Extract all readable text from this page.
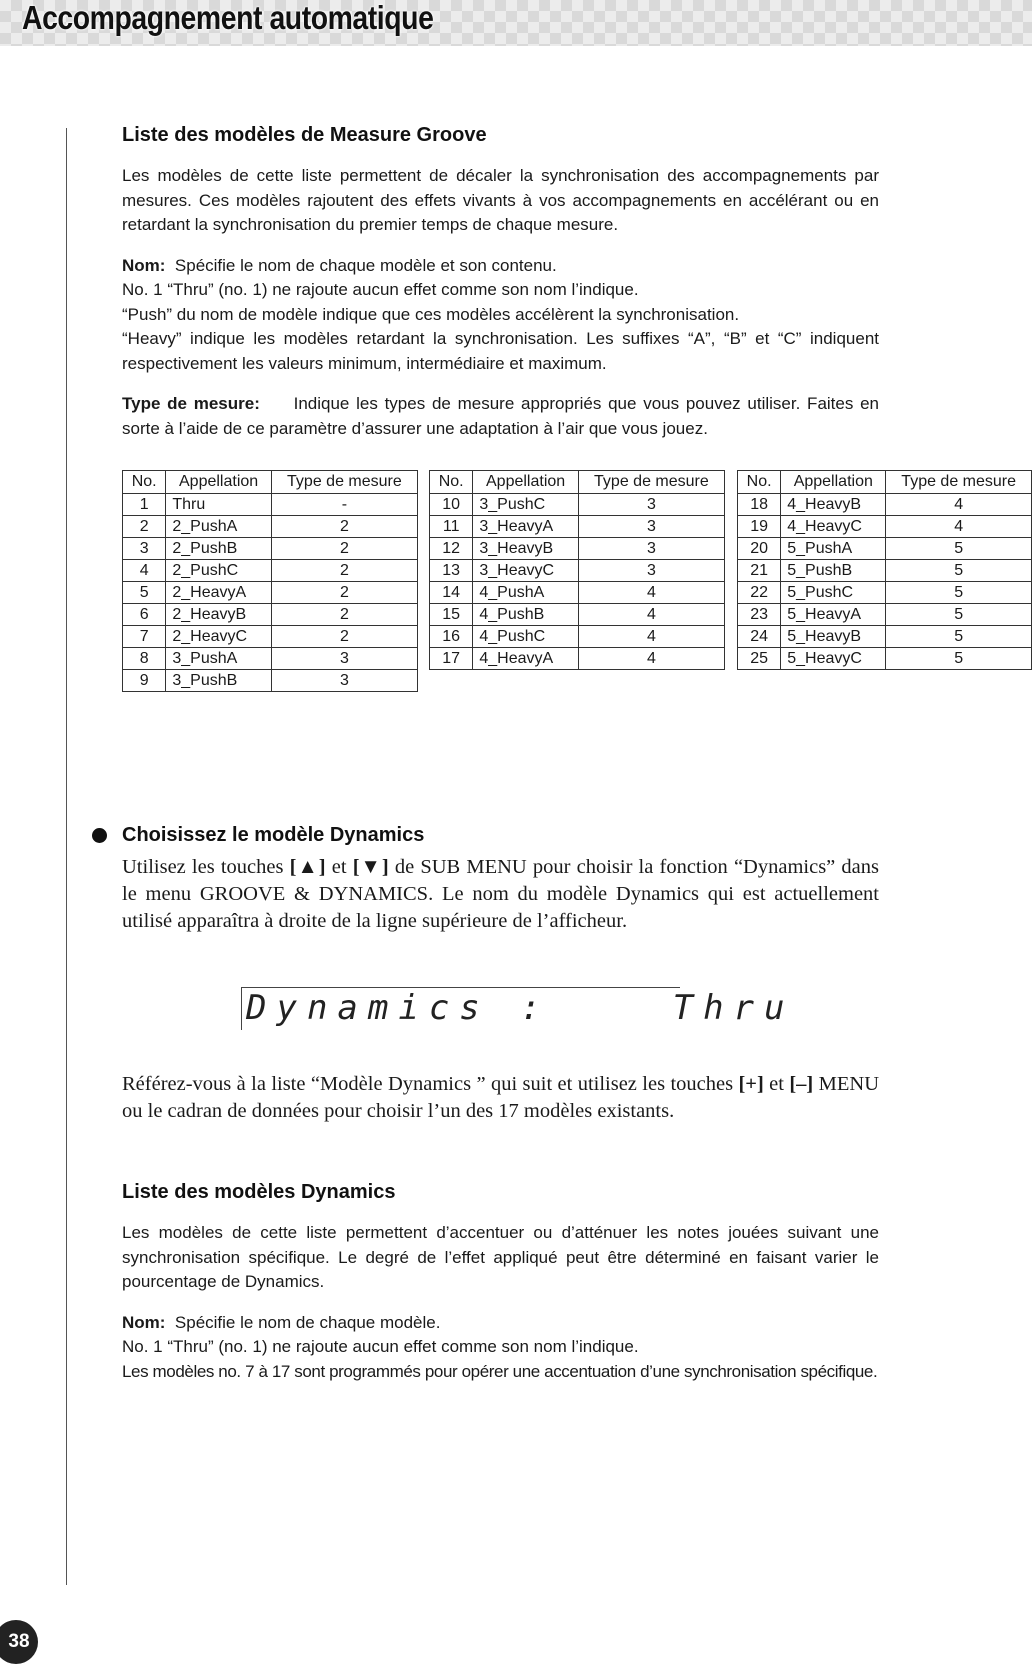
Accompagnement automatique
Liste des modèles de Measure Groove

Les modèles de cette liste permettent de décaler la synchronisation des accompagnements par mesures. Ces modèles rajoutent des effets vivants à vos accompagnements en accélérant ou en retardant la synchronisation du premier temps de chaque mesure.

Nom: Spécifie le nom de chaque modèle et son contenu.

No. 1 “Thru” (no. 1) ne rajoute aucun effet comme son nom l’indique.

“Push” du nom de modèle indique que ces modèles accélèrent la synchronisation.

“Heavy” indique les modèles retardant la synchronisation. Les suffixes “A”, “B” et “C” indiquent respectivement les valeurs minimum, intermédiaire et maximum.

Type de mesure: Indique les types de mesure appropriés que vous pouvez utiliser. Faites en sorte à l’aide de ce paramètre d’assurer une adaptation à l’air que vous jouez.

No.	Appellation	Type de mesure
1	Thru	-
2	2_PushA	2
3	2_PushB	2
4	2_PushC	2
5	2_HeavyA	2
6	2_HeavyB	2
7	2_HeavyC	2
8	3_PushA	3
9	3_PushB	3
No.	Appellation	Type de mesure
10	3_PushC	3
11	3_HeavyA	3
12	3_HeavyB	3
13	3_HeavyC	3
14	4_PushA	4
15	4_PushB	4
16	4_PushC	4
17	4_HeavyA	4
No.	Appellation	Type de mesure
18	4_HeavyB	4
19	4_HeavyC	4
20	5_PushA	5
21	5_PushB	5
22	5_PushC	5
23	5_HeavyA	5
24	5_HeavyB	5
25	5_HeavyC	5
Choisissez le modèle Dynamics

Utilisez les touches [▲] et [▼] de SUB MENU pour choisir la fonction “Dynamics” dans le menu GROOVE & DYNAMICS. Le nom du modèle Dynamics qui est actuellement utilisé apparaîtra à droite de la ligne supérieure de l’afficheur.

Dynamics :	Thru

Référez-vous à la liste “Modèle Dynamics ” qui suit et utilisez les touches [+] et [–] MENU ou le cadran de données pour choisir l’un des 17 modèles existants.

Liste des modèles Dynamics

Les modèles de cette liste permettent d’accentuer ou d’atténuer les notes jouées suivant une synchronisation spécifique. Le degré de l’effet appliqué peut être déterminé en faisant varier le pourcentage de Dynamics.

Nom: Spécifie le nom de chaque modèle.

No. 1 “Thru” (no. 1) ne rajoute aucun effet comme son nom l’indique.

Les modèles no. 7 à 17 sont programmés pour opérer une accentuation d’une synchronisation spécifique.

38
